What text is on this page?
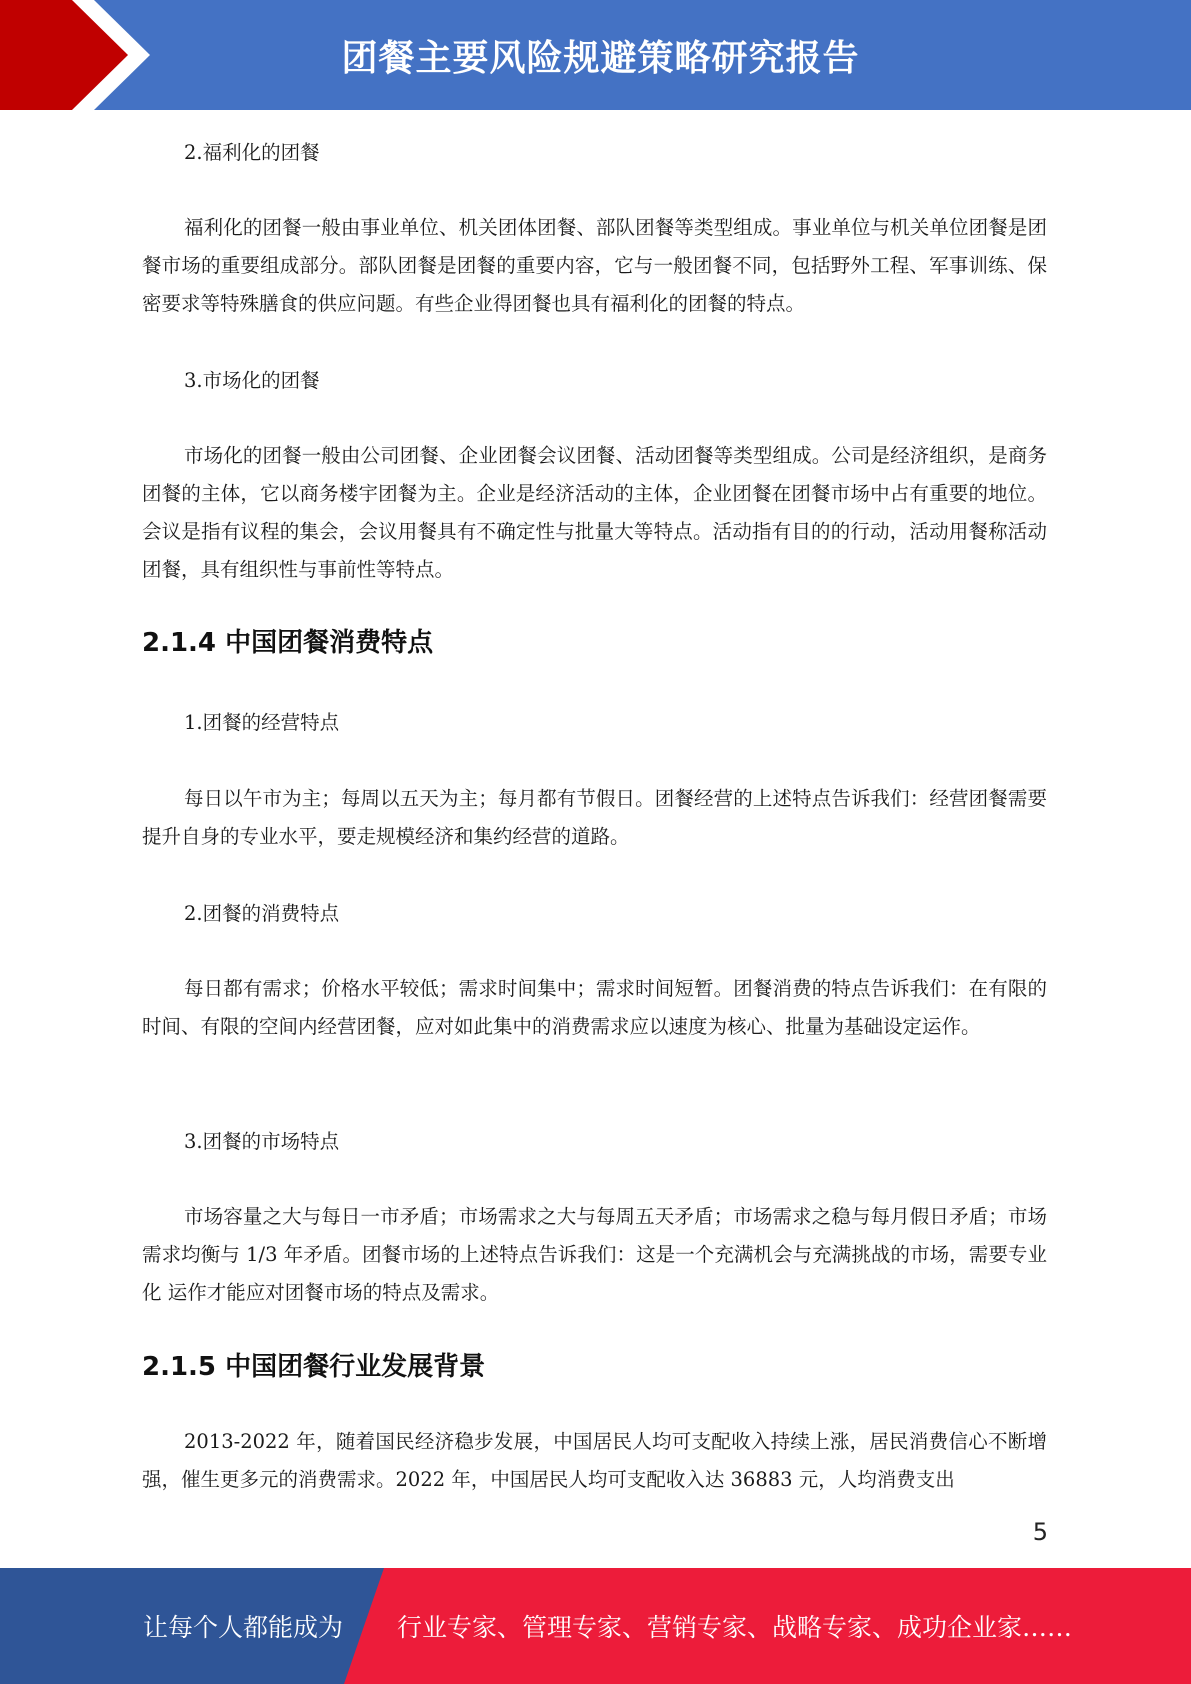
团餐主要风险规避策略研究报告

2.福利化的团餐

福利化的团餐一般由事业单位、机关团体团餐、部队团餐等类型组成。事业单位与机关单位团餐是团餐市场的重要组成部分。部队团餐是团餐的重要内容，它与一般团餐不同，包括野外工程、军事训练、保密要求等特殊膳食的供应问题。有些企业得团餐也具有福利化的团餐的特点。

3.市场化的团餐

市场化的团餐一般由公司团餐、企业团餐会议团餐、活动团餐等类型组成。公司是经济组织，是商务团餐的主体，它以商务楼宇团餐为主。企业是经济活动的主体，企业团餐在团餐市场中占有重要的地位。会议是指有议程的集会，会议用餐具有不确定性与批量大等特点。活动指有目的的行动，活动用餐称活动团餐，具有组织性与事前性等特点。

2.1.4 中国团餐消费特点

1.团餐的经营特点

每日以午市为主；每周以五天为主；每月都有节假日。团餐经营的上述特点告诉我们：经营团餐需要提升自身的专业水平，要走规模经济和集约经营的道路。

2.团餐的消费特点

每日都有需求；价格水平较低；需求时间集中；需求时间短暂。团餐消费的特点告诉我们：在有限的时间、有限的空间内经营团餐，应对如此集中的消费需求应以速度为核心、批量为基础设定运作。

3.团餐的市场特点

市场容量之大与每日一市矛盾；市场需求之大与每周五天矛盾；市场需求之稳与每月假日矛盾；市场需求均衡与 1/3 年矛盾。团餐市场的上述特点告诉我们：这是一个充满机会与充满挑战的市场，需要专业化 运作才能应对团餐市场的特点及需求。

2.1.5 中国团餐行业发展背景

2013-2022 年，随着国民经济稳步发展，中国居民人均可支配收入持续上涨，居民消费信心不断增强，催生更多元的消费需求。2022 年，中国居民人均可支配收入达 36883 元，人均消费支出

5
让每个人都能成为 行业专家、管理专家、营销专家、战略专家、成功企业家……
